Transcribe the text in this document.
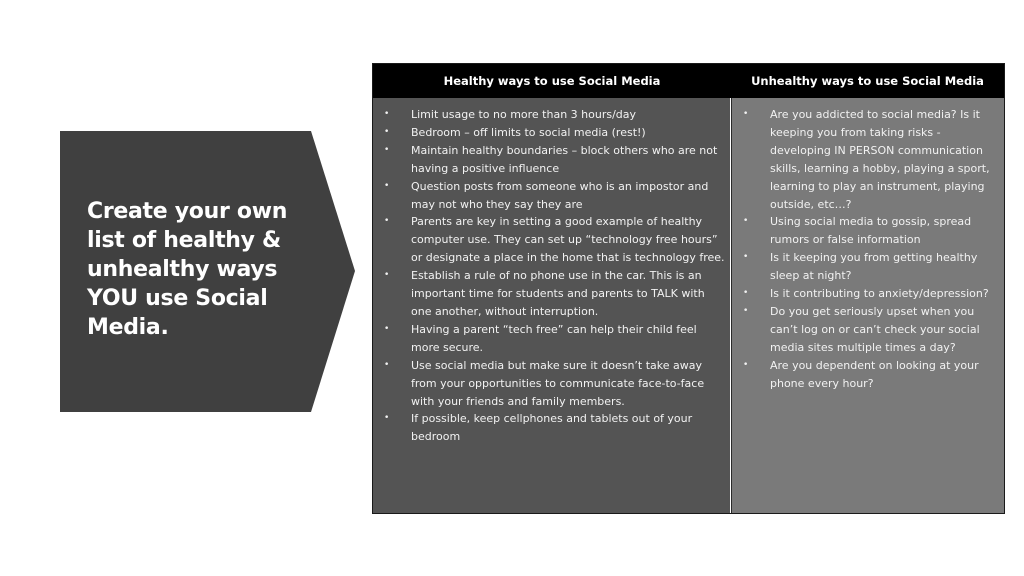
Create your own list of healthy & unhealthy ways YOU use Social Media.
Healthy ways to use Social Media	Unhealthy ways to use Social Media
• Limit usage to no more than 3 hours/day
• Bedroom – off limits to social media (rest!)
• Maintain healthy boundaries – block others who are not having a positive influence
• Question posts from someone who is an impostor and may not who they say they are
• Parents are key in setting a good example of healthy computer use. They can set up “technology free hours” or designate a place in the home that is technology free.
• Establish a rule of no phone use in the car. This is an important time for students and parents to TALK with one another, without interruption.
• Having a parent “tech free” can help their child feel more secure.
• Use social media but make sure it doesn’t take away from your opportunities to communicate face-to-face with your friends and family members.
• If possible, keep cellphones and tablets out of your bedroom
• Are you addicted to social media? Is it keeping you from taking risks - developing IN PERSON communication skills, learning a hobby, playing a sport, learning to play an instrument, playing outside, etc…?
• Using social media to gossip, spread rumors or false information
• Is it keeping you from getting healthy sleep at night?
• Is it contributing to anxiety/depression?
• Do you get seriously upset when you can’t log on or can’t check your social media sites multiple times a day?
• Are you dependent on looking at your phone every hour?
